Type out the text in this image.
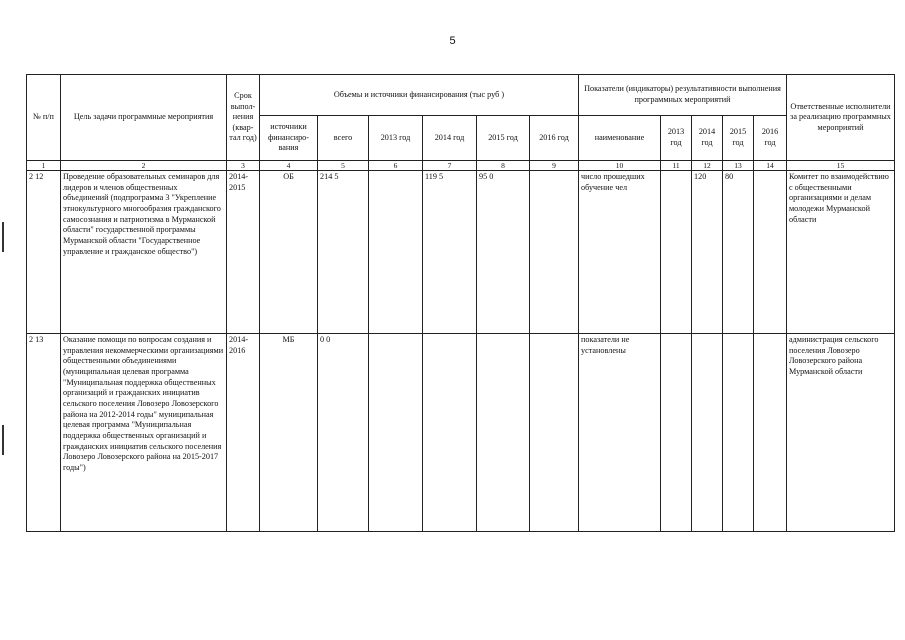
5
№ п/п	Цель задачи программные мероприятия	Срок выпол-нения (квар-тал год)	Объемы и источники финансирования (тыс руб )						Показатели (индикаторы) результативности выполнения программных мероприятий					Ответственные исполнители за реализацию программных мероприятий
			источники финансиро-вания	всего	2013 год	2014 год	2015 год	2016 год	наименование	2013 год	2014 год	2015 год	2016 год	
1	2	3	4	5	6	7	8	9	10	11	12	13	14	15
2 12	Проведение образовательных семинаров для лидеров и членов общественных объединений (подпрограмма 3 "Укрепление этнокультурного многообразия гражданского самосознания и патриотизма в Мурманской области" государственной программы Мурманской области "Государственное управление и гражданское общество")	2014-2015	ОБ	214 5		119 5	95 0		число прошедших обучение чел		120	80		Комитет по взаимодействию с общественными организациями и делам молодежи Мурманской области
2 13	Оказание помощи по вопросам создания и управления некоммерческими организациями общественными объединениями (муниципальная целевая программа "Муниципальная поддержка общественных организаций и гражданских инициатив сельского поселения Ловозеро Ловозерского района на 2012-2014 годы" муниципальная целевая программа "Муниципальная поддержка общественных организаций и гражданских инициатив сельского поселения Ловозеро Ловозерского района на 2015-2017 годы")	2014-2016	МБ	0 0					показатели не установлены					администрация сельского поселения Ловозеро Ловозерского района Мурманской области
